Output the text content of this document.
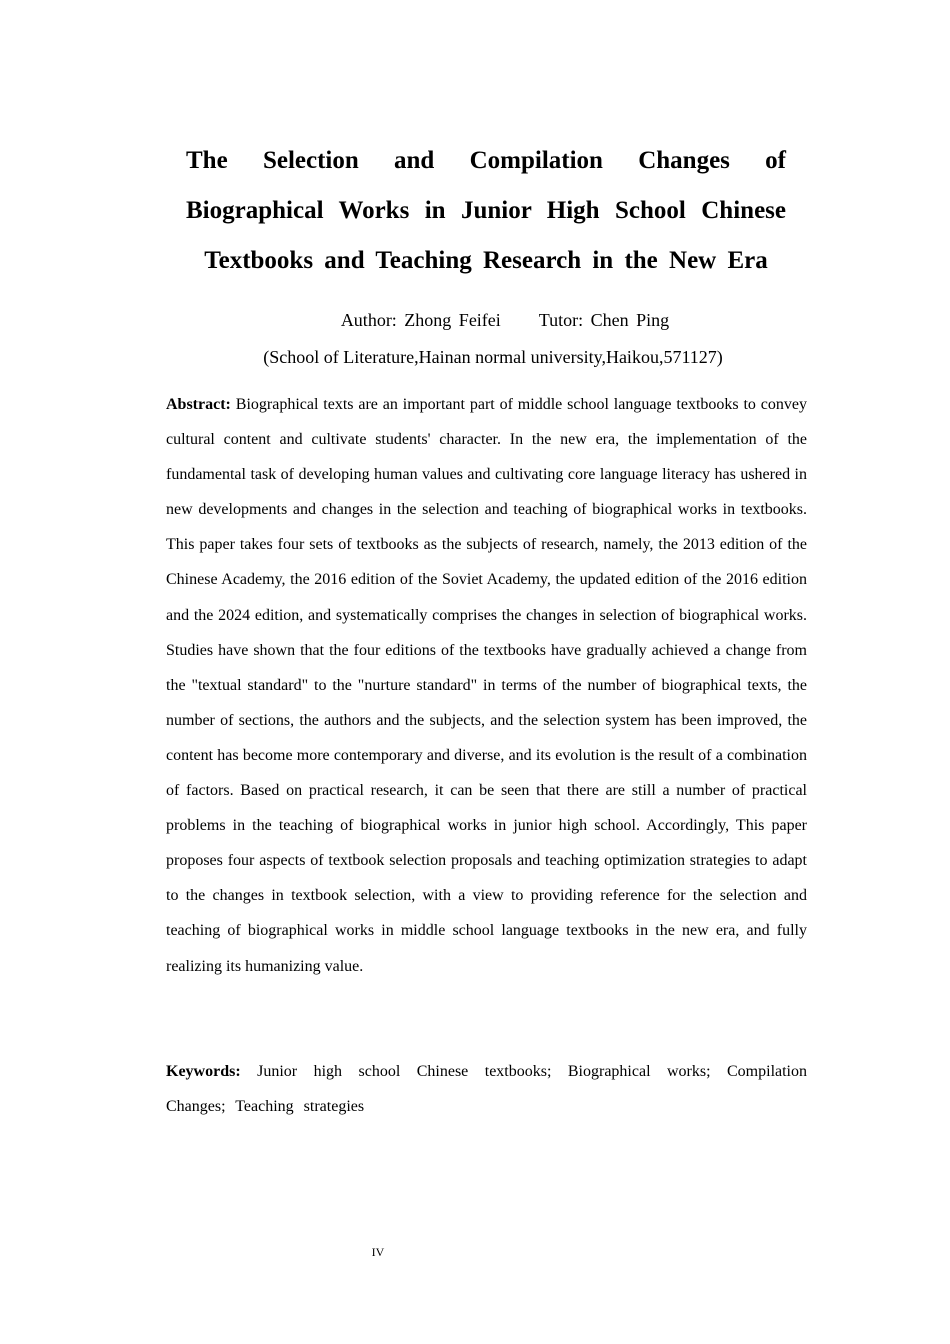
The Selection and Compilation Changes of Biographical Works in Junior High School Chinese Textbooks and Teaching Research in the New Era
Author: Zhong Feifei Tutor: Chen Ping
(School of Literature,Hainan normal university,Haikou,571127)

Abstract: Biographical texts are an important part of middle school language textbooks to convey cultural content and cultivate students' character. In the new era, the implementation of the fundamental task of developing human values and cultivating core language literacy has ushered in new developments and changes in the selection and teaching of biographical works in textbooks. This paper takes four sets of textbooks as the subjects of research, namely, the 2013 edition of the Chinese Academy, the 2016 edition of the Soviet Academy, the updated edition of the 2016 edition and the 2024 edition, and systematically comprises the changes in selection of biographical works. Studies have shown that the four editions of the textbooks have gradually achieved a change from the "textual standard" to the "nurture standard" in terms of the number of biographical texts, the number of sections, the authors and the subjects, and the selection system has been improved, the content has become more contemporary and diverse, and its evolution is the result of a combination of factors. Based on practical research, it can be seen that there are still a number of practical problems in the teaching of biographical works in junior high school. Accordingly, This paper proposes four aspects of textbook selection proposals and teaching optimization strategies to adapt to the changes in textbook selection, with a view to providing reference for the selection and teaching of biographical works in middle school language textbooks in the new era, and fully realizing its humanizing value.

Keywords: Junior high school Chinese textbooks; Biographical works; Compilation Changes; Teaching strategies

IV
